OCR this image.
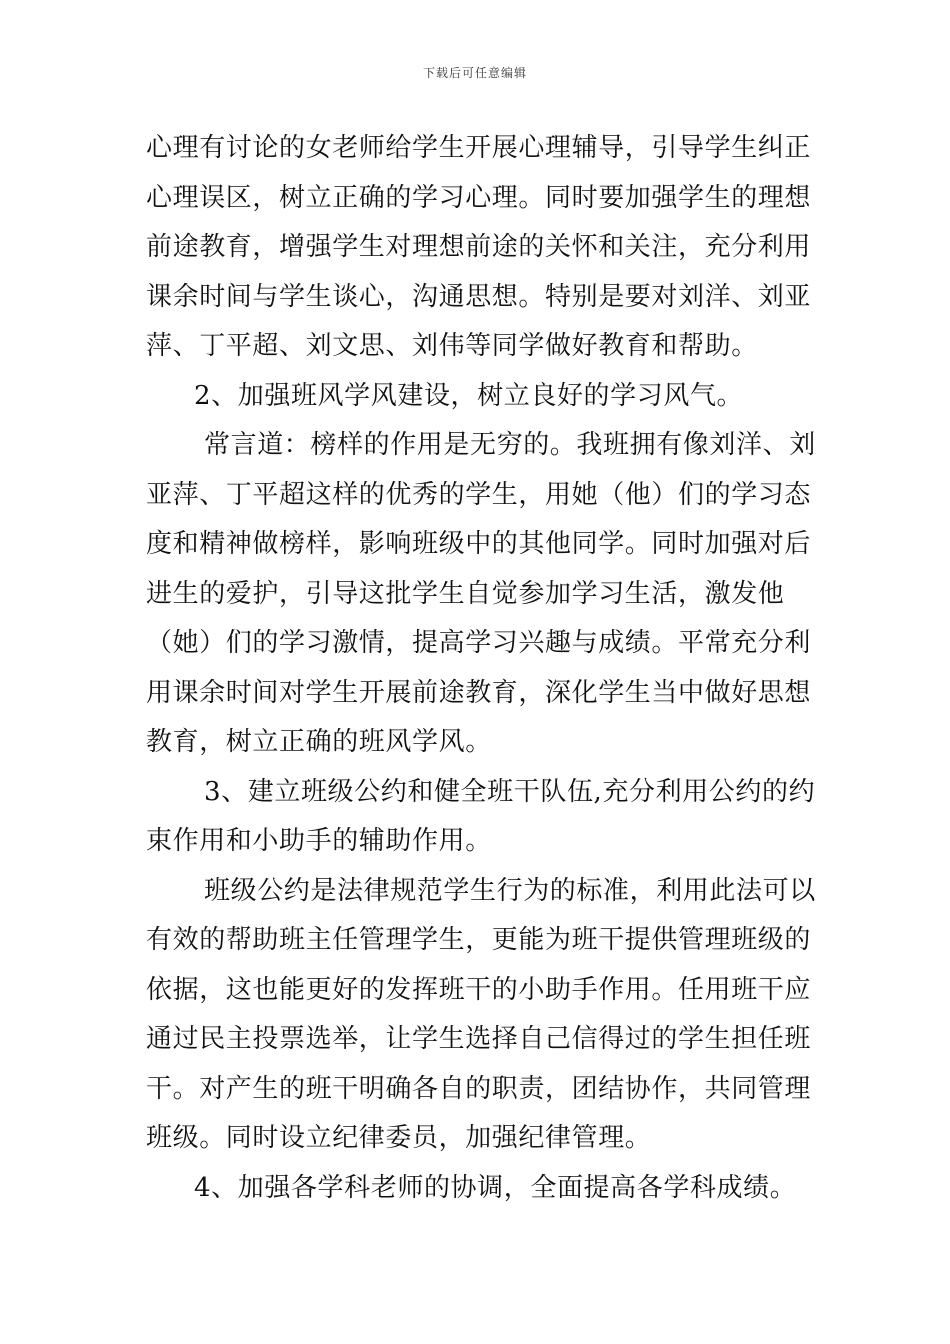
下载后可任意编辑
心理有讨论的女老师给学生开展心理辅导，引导学生纠正
心理误区，树立正确的学习心理。同时要加强学生的理想
前途教育，增强学生对理想前途的关怀和关注，充分利用
课余时间与学生谈心，沟通思想。特别是要对刘洋、刘亚
萍、丁平超、刘文思、刘伟等同学做好教育和帮助。
2、加强班风学风建设，树立良好的学习风气。
常言道：榜样的作用是无穷的。我班拥有像刘洋、刘
亚萍、丁平超这样的优秀的学生，用她（他）们的学习态
度和精神做榜样，影响班级中的其他同学。同时加强对后
进生的爱护，引导这批学生自觉参加学习生活，激发他
（她）们的学习激情，提高学习兴趣与成绩。平常充分利
用课余时间对学生开展前途教育，深化学生当中做好思想
教育，树立正确的班风学风。
3、建立班级公约和健全班干队伍,充分利用公约的约
束作用和小助手的辅助作用。
班级公约是法律规范学生行为的标准，利用此法可以
有效的帮助班主任管理学生，更能为班干提供管理班级的
依据，这也能更好的发挥班干的小助手作用。任用班干应
通过民主投票选举，让学生选择自己信得过的学生担任班
干。对产生的班干明确各自的职责，团结协作，共同管理
班级。同时设立纪律委员，加强纪律管理。
4、加强各学科老师的协调，全面提高各学科成绩。
